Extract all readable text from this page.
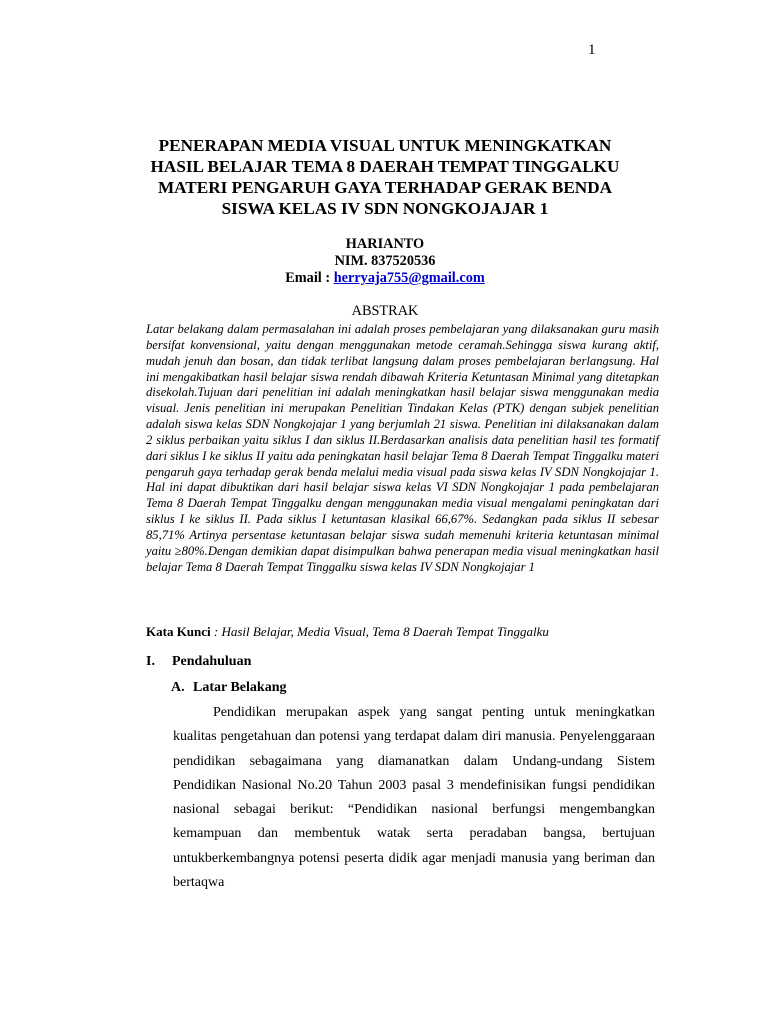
1
PENERAPAN MEDIA VISUAL UNTUK MENINGKATKAN HASIL BELAJAR TEMA 8 DAERAH TEMPAT TINGGALKU MATERI PENGARUH GAYA TERHADAP GERAK BENDA SISWA KELAS IV SDN NONGKOJAJAR 1
HARIANTO
NIM. 837520536
Email : herryaja755@gmail.com
ABSTRAK

Latar belakang dalam permasalahan ini adalah proses pembelajaran yang dilaksanakan guru masih bersifat konvensional, yaitu dengan menggunakan metode ceramah.Sehingga siswa kurang aktif, mudah jenuh dan bosan, dan tidak terlibat langsung dalam proses pembelajaran berlangsung. Hal ini mengakibatkan hasil belajar siswa rendah dibawah Kriteria Ketuntasan Minimal yang ditetapkan disekolah.Tujuan dari penelitian ini adalah meningkatkan hasil belajar siswa menggunakan media visual. Jenis penelitian ini merupakan Penelitian Tindakan Kelas (PTK) dengan subjek penelitian adalah siswa kelas SDN Nongkojajar 1 yang berjumlah 21 siswa. Penelitian ini dilaksanakan dalam 2 siklus perbaikan yaitu siklus I dan siklus II.Berdasarkan analisis data penelitian hasil tes formatif dari siklus I ke siklus II yaitu ada peningkatan hasil belajar Tema 8 Daerah Tempat Tinggalku materi pengaruh gaya terhadap gerak benda melalui media visual pada siswa kelas IV SDN Nongkojajar 1. Hal ini dapat dibuktikan dari hasil belajar siswa kelas VI SDN Nongkojajar 1 pada pembelajaran Tema 8 Daerah Tempat Tinggalku dengan menggunakan media visual mengalami peningkatan dari siklus I ke siklus II. Pada siklus I ketuntasan klasikal 66,67%. Sedangkan pada siklus II sebesar 85,71% Artinya persentase ketuntasan belajar siswa sudah memenuhi kriteria ketuntasan minimal yaitu ≥80%.Dengan demikian dapat disimpulkan bahwa penerapan media visual meningkatkan hasil belajar Tema 8 Daerah Tempat Tinggalku siswa kelas IV SDN Nongkojajar 1

Kata Kunci : Hasil Belajar, Media Visual, Tema 8 Daerah Tempat Tinggalku
I. Pendahuluan
A. Latar Belakang

Pendidikan merupakan aspek yang sangat penting untuk meningkatkan kualitas pengetahuan dan potensi yang terdapat dalam diri manusia. Penyelenggaraan pendidikan sebagaimana yang diamanatkan dalam Undang-undang Sistem Pendidikan Nasional No.20 Tahun 2003 pasal 3 mendefinisikan fungsi pendidikan nasional sebagai berikut: “Pendidikan nasional berfungsi mengembangkan kemampuan dan membentuk watak serta peradaban bangsa, bertujuan untukberkembangnya potensi peserta didik agar menjadi manusia yang beriman dan bertaqwa
